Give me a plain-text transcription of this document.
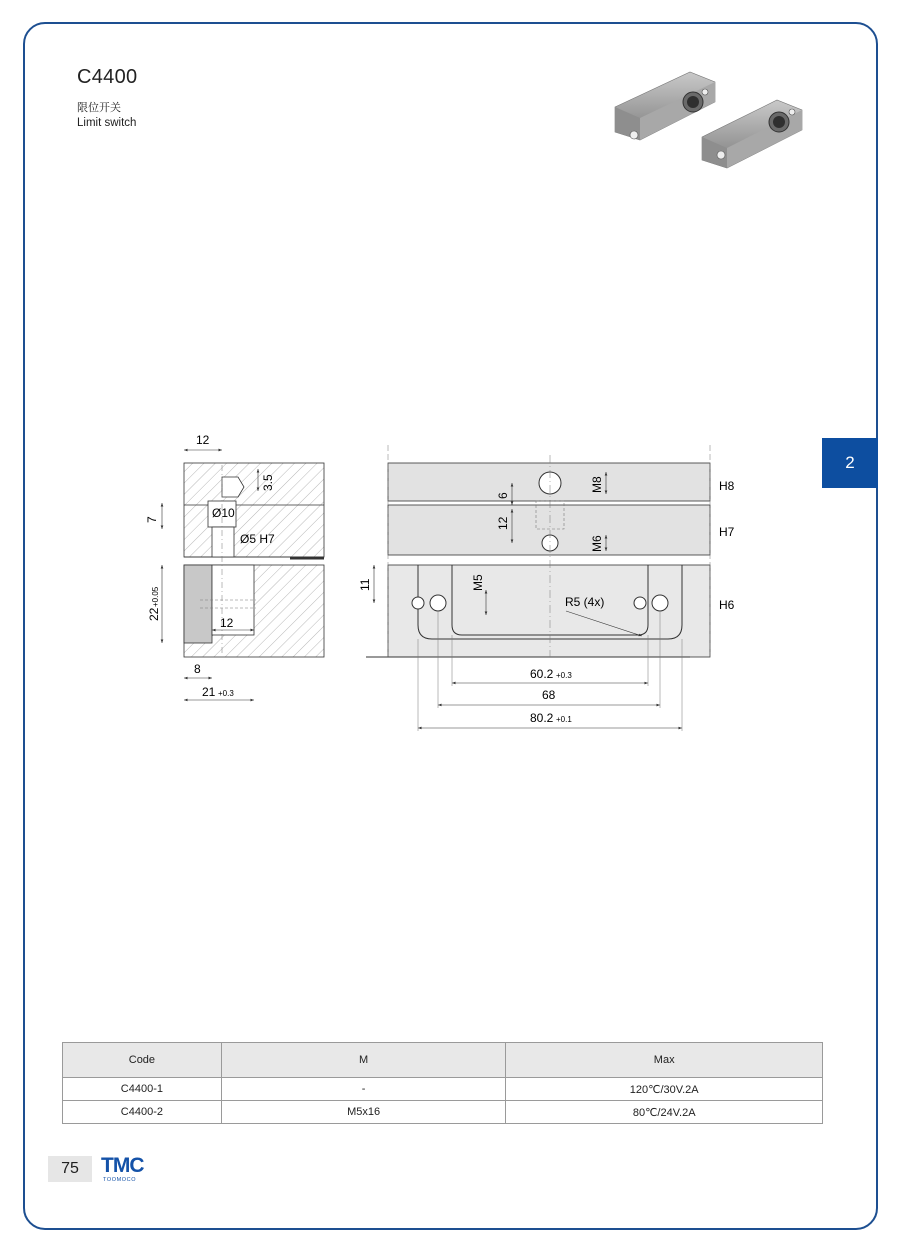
C4400
限位开关
Limit switch
2
12
3.5
7	Ø10
Ø5 H7
22
+0.05
12
8
21 +0.3
6
12
M8
M6
11	M5
R5 (4x)
H8
H7
H6
60.2 +0.3
68
80.2 +0.1
Code	M	Max
C4400-1	-	120℃/30V.2A
C4400-2	M5x16	80℃/24V.2A
75	TMC
TOOMOCO
